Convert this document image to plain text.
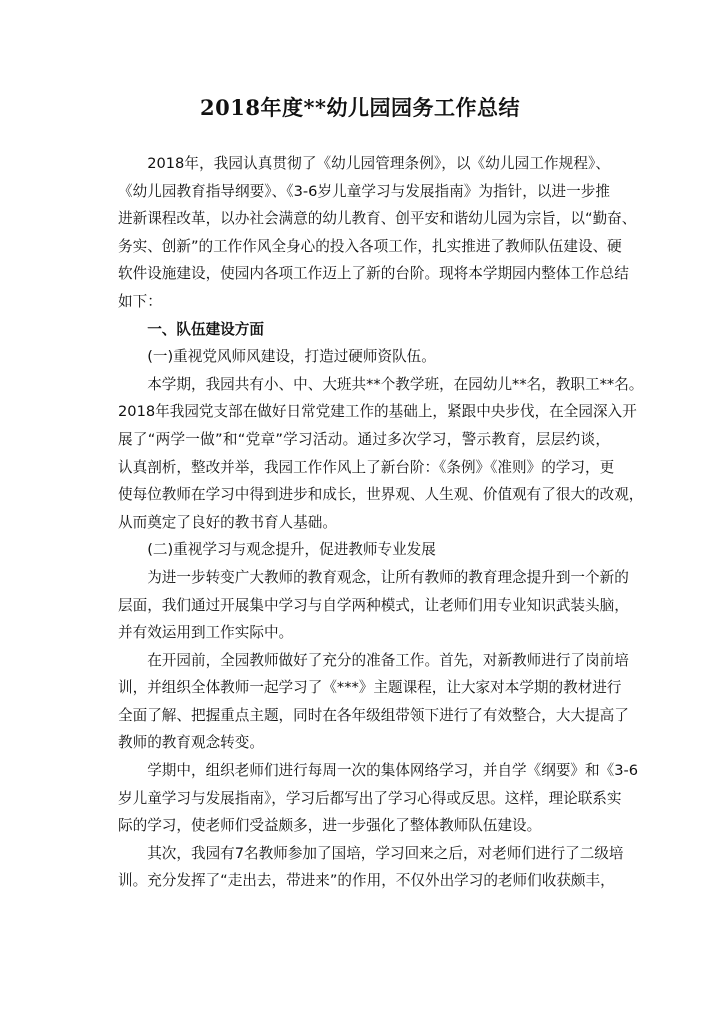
2018年度**幼儿园园务工作总结
2018年，我园认真贯彻了《幼儿园管理条例》，以《幼儿园工作规程》、
《幼儿园教育指导纲要》、《3-6岁儿童学习与发展指南》为指针，以进一步推
进新课程改革，以办社会满意的幼儿教育、创平安和谐幼儿园为宗旨，以“勤奋、
务实、创新”的工作作风全身心的投入各项工作，扎实推进了教师队伍建设、硬
软件设施建设，使园内各项工作迈上了新的台阶。现将本学期园内整体工作总结
如下：
一、队伍建设方面
(一)重视党风师风建设，打造过硬师资队伍。
本学期，我园共有小、中、大班共**个教学班，在园幼儿**名，教职工**名。
2018年我园党支部在做好日常党建工作的基础上，紧跟中央步伐，在全园深入开
展了“两学一做”和“党章”学习活动。通过多次学习，警示教育，层层约谈，
认真剖析，整改并举，我园工作作风上了新台阶：《条例》《准则》的学习，更
使每位教师在学习中得到进步和成长，世界观、人生观、价值观有了很大的改观，
从而奠定了良好的教书育人基础。
(二)重视学习与观念提升，促进教师专业发展
为进一步转变广大教师的教育观念，让所有教师的教育理念提升到一个新的
层面，我们通过开展集中学习与自学两种模式，让老师们用专业知识武装头脑，
并有效运用到工作实际中。
在开园前，全园教师做好了充分的准备工作。首先，对新教师进行了岗前培
训，并组织全体教师一起学习了《***》主题课程，让大家对本学期的教材进行
全面了解、把握重点主题，同时在各年级组带领下进行了有效整合，大大提高了
教师的教育观念转变。
学期中，组织老师们进行每周一次的集体网络学习，并自学《纲要》和《3-6
岁儿童学习与发展指南》，学习后都写出了学习心得或反思。这样，理论联系实
际的学习，使老师们受益颇多，进一步强化了整体教师队伍建设。
其次，我园有7名教师参加了国培，学习回来之后，对老师们进行了二级培
训。充分发挥了“走出去，带进来”的作用，不仅外出学习的老师们收获颇丰，
